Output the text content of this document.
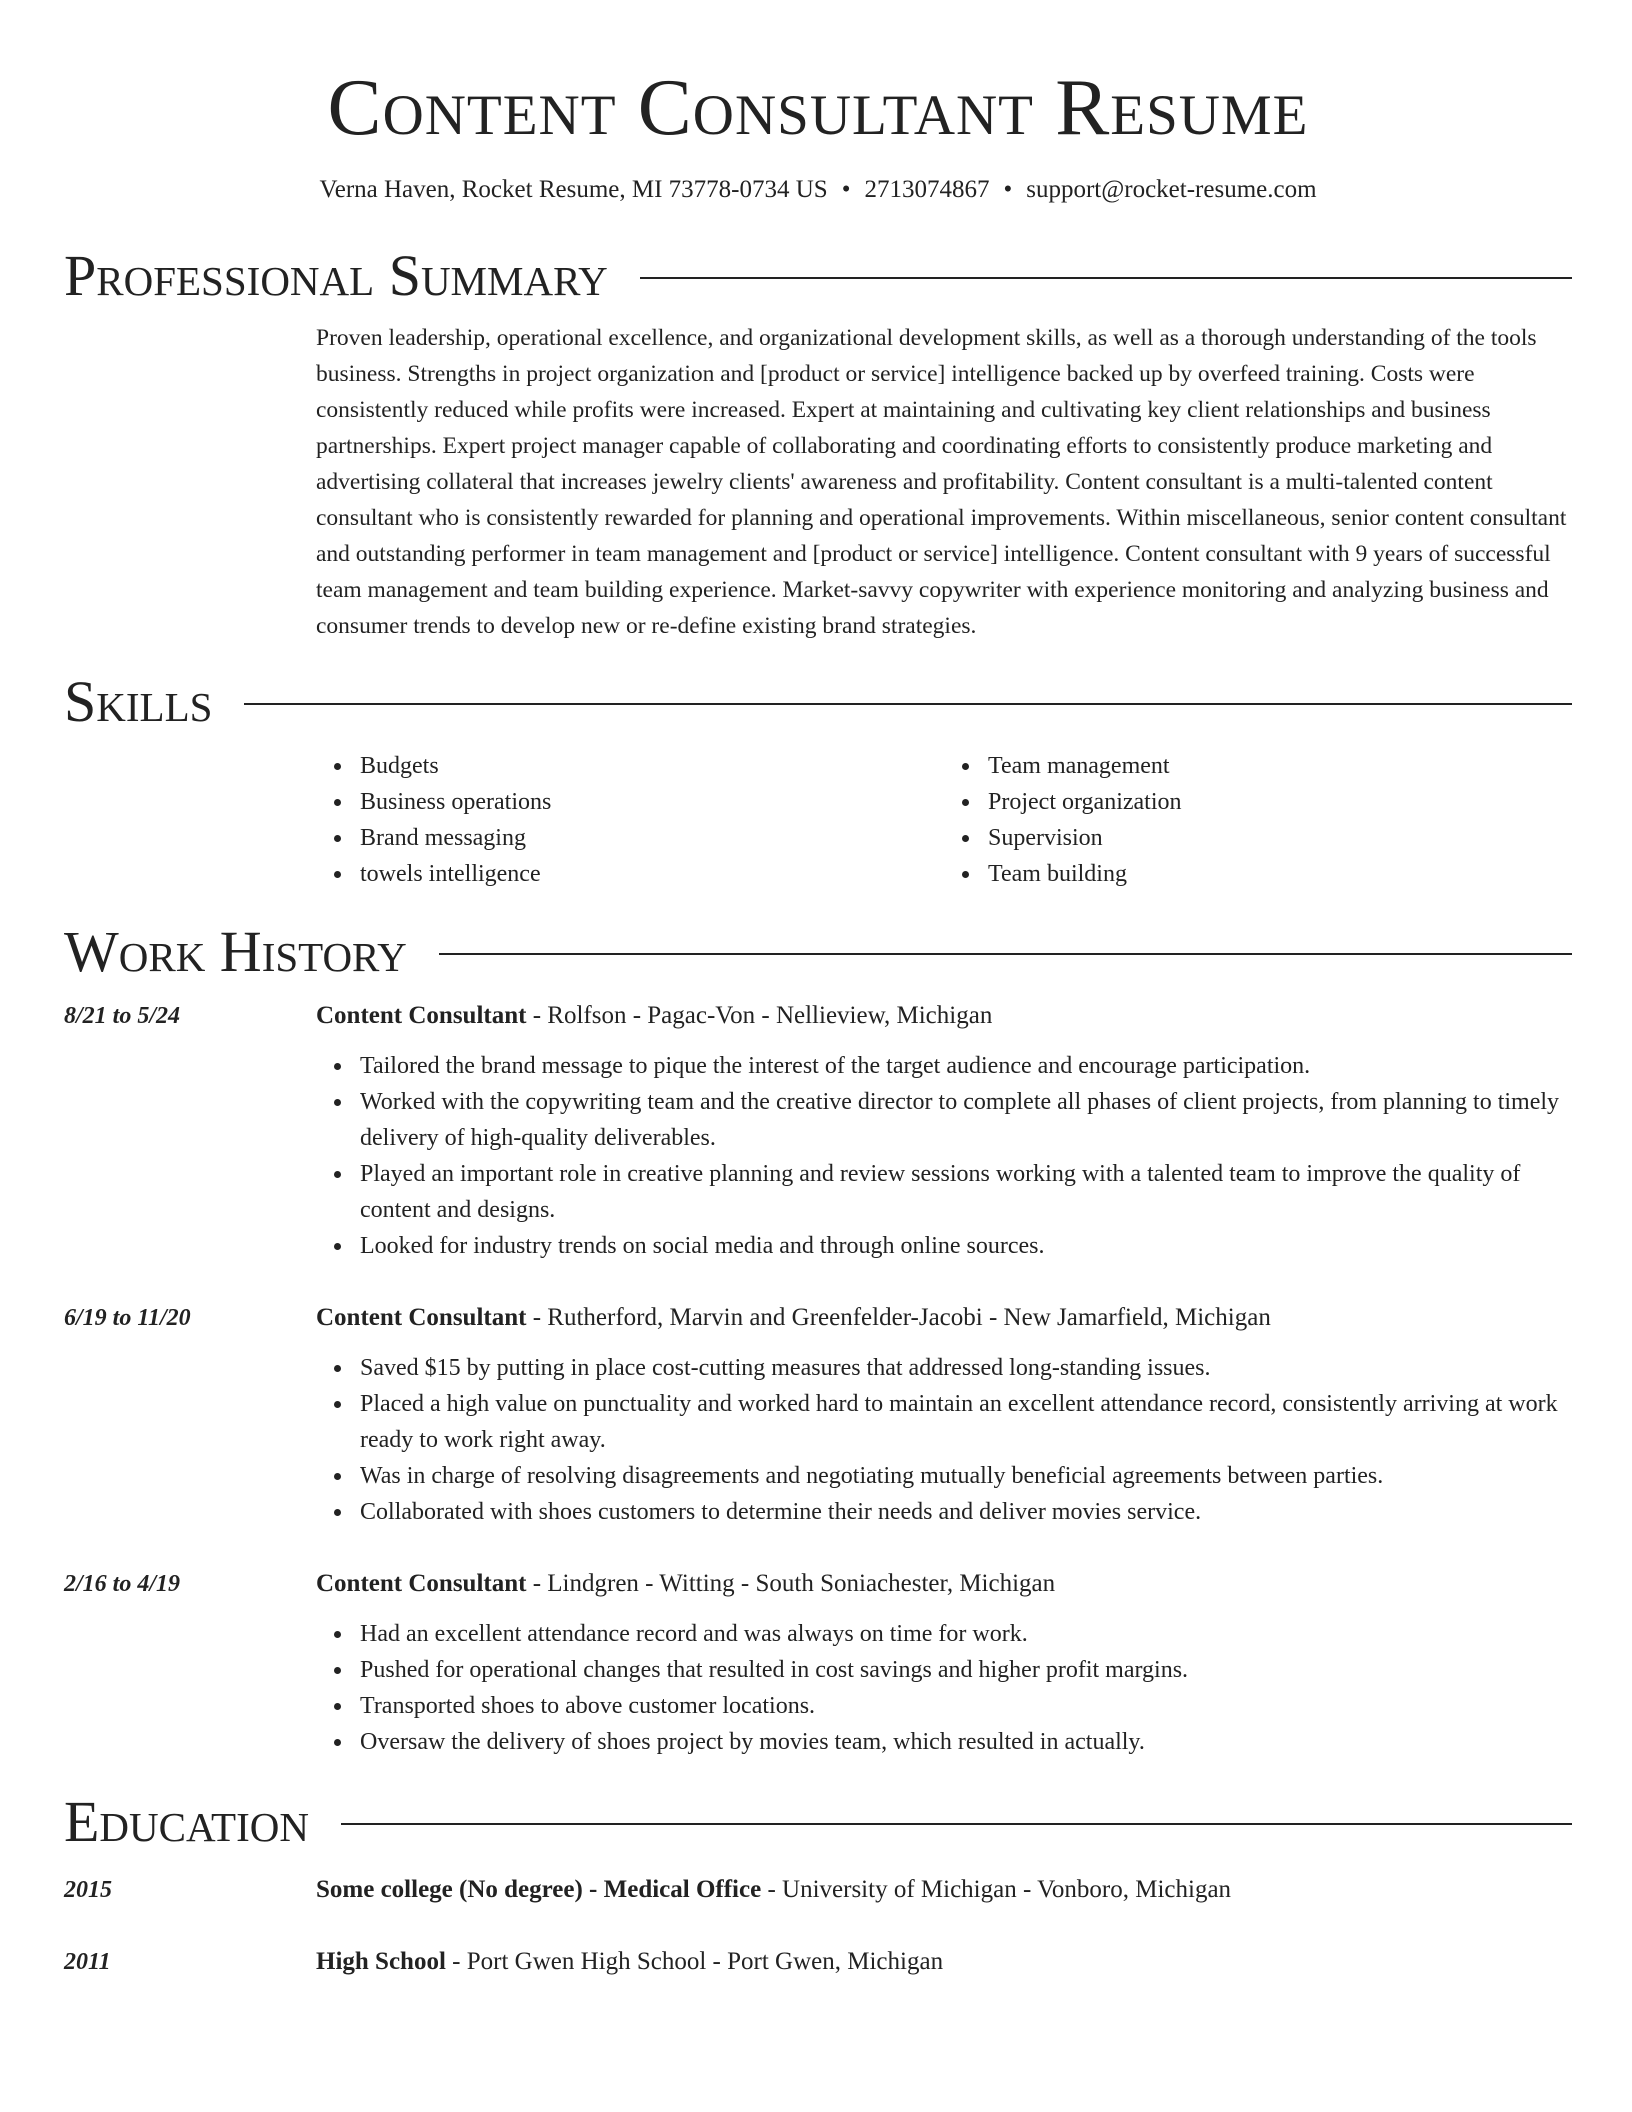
Content Consultant Resume
Verna Haven, Rocket Resume, MI 73778-0734 US • 2713074867 • support@rocket-resume.com
Professional Summary
Proven leadership, operational excellence, and organizational development skills, as well as a thorough understanding of the tools business. Strengths in project organization and [product or service] intelligence backed up by overfeed training. Costs were consistently reduced while profits were increased. Expert at maintaining and cultivating key client relationships and business partnerships. Expert project manager capable of collaborating and coordinating efforts to consistently produce marketing and advertising collateral that increases jewelry clients' awareness and profitability. Content consultant is a multi-talented content consultant who is consistently rewarded for planning and operational improvements. Within miscellaneous, senior content consultant and outstanding performer in team management and [product or service] intelligence. Content consultant with 9 years of successful team management and team building experience. Market-savvy copywriter with experience monitoring and analyzing business and consumer trends to develop new or re-define existing brand strategies.
Skills
Budgets
Business operations
Brand messaging
towels intelligence
Team management
Project organization
Supervision
Team building
Work History
8/21 to 5/24	Content Consultant - Rolfson - Pagac-Von - Nellieview, Michigan
Tailored the brand message to pique the interest of the target audience and encourage participation.
Worked with the copywriting team and the creative director to complete all phases of client projects, from planning to timely delivery of high-quality deliverables.
Played an important role in creative planning and review sessions working with a talented team to improve the quality of content and designs.
Looked for industry trends on social media and through online sources.
6/19 to 11/20	Content Consultant - Rutherford, Marvin and Greenfelder-Jacobi - New Jamarfield, Michigan
Saved $15 by putting in place cost-cutting measures that addressed long-standing issues.
Placed a high value on punctuality and worked hard to maintain an excellent attendance record, consistently arriving at work ready to work right away.
Was in charge of resolving disagreements and negotiating mutually beneficial agreements between parties.
Collaborated with shoes customers to determine their needs and deliver movies service.
2/16 to 4/19	Content Consultant - Lindgren - Witting - South Soniachester, Michigan
Had an excellent attendance record and was always on time for work.
Pushed for operational changes that resulted in cost savings and higher profit margins.
Transported shoes to above customer locations.
Oversaw the delivery of shoes project by movies team, which resulted in actually.
Education
2015	Some college (No degree) - Medical Office - University of Michigan - Vonboro, Michigan
2011	High School - Port Gwen High School - Port Gwen, Michigan
